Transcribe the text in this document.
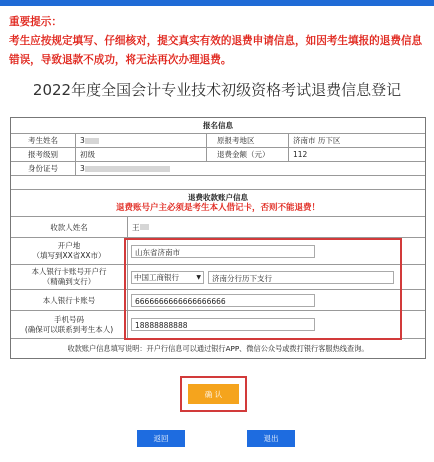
重要提示：
考生应按规定填写、仔细核对，提交真实有效的退费申请信息，如因考生填报的退费信息错误，导致退款不成功，将无法再次办理退费。
2022年度全国会计专业技术初级资格考试退费信息登记
报名信息
考生姓名	3	原报考地区	济南市 历下区
报考级别	初级	退费金额（元）	112
身份证号	3
退费收款账户信息
退费账号户主必须是考生本人借记卡，否则不能退费！
收款人姓名	王
开户地
（填写到XX省XX市）	山东省济南市
本人银行卡账号开户行
（精确到支行）	中国工商银行	▼	济南分行历下支行
本人银行卡账号	6666666666666666666
手机号码
(确保可以联系到考生本人)	18888888888
收款账户信息填写说明：开户行信息可以通过银行APP、微信公众号或拨打银行客服热线查询。
确 认
返回	退出
